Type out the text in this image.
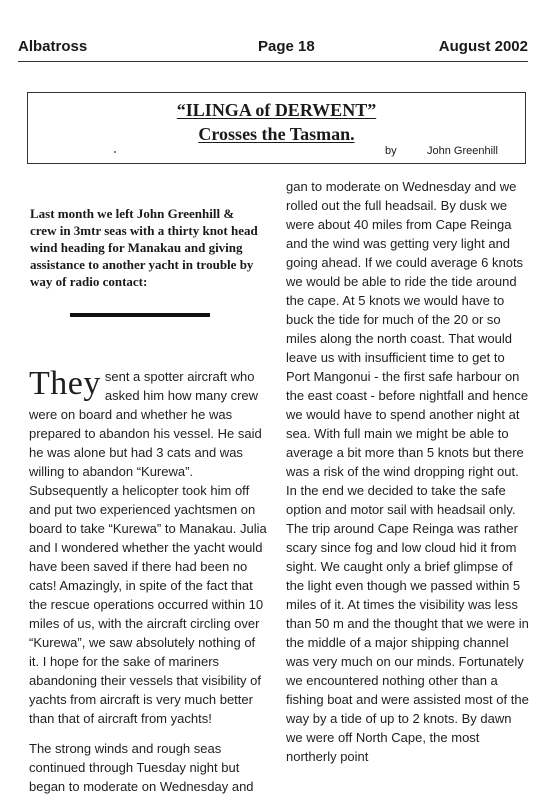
Albatross	Page 18	August 2002
“ILINGA of DERWENT”
Crosses the Tasman.
by	John Greenhill
Last month we left John Greenhill & crew in 3mtr seas with a thirty knot head wind heading for Manakau and giving assistance to another yacht in trouble by way of radio contact:

They sent a spotter aircraft who asked him how many crew were on board and whether he was prepared to abandon his vessel. He said he was alone but had 3 cats and was willing to abandon “Kurewa”. Subsequently a helicopter took him off and put two experienced yachtsmen on board to take “Kurewa” to Manakau. Julia and I wondered whether the yacht would have been saved if there had been no cats! Amazingly, in spite of the fact that the rescue operations occurred within 10 miles of us, with the aircraft circling over “Kurewa”, we saw absolutely nothing of it. I hope for the sake of mariners abandoning their vessels that visibility of yachts from aircraft is very much better than that of aircraft from yachts!

The strong winds and rough seas continued through Tuesday night but began to moderate on Wednesday and

gan to moderate on Wednesday and we rolled out the full headsail. By dusk we were about 40 miles from Cape Reinga and the wind was getting very light and going ahead. If we could average 6 knots we would be able to ride the tide around the cape. At 5 knots we would have to buck the tide for much of the 20 or so miles along the north coast. That would leave us with insufficient time to get to Port Mangonui - the first safe harbour on the east coast - before nightfall and hence we would have to spend another night at sea. With full main we might be able to average a bit more than 5 knots but there was a risk of the wind dropping right out. In the end we decided to take the safe option and motor sail with headsail only. The trip around Cape Reinga was rather scary since fog and low cloud hid it from sight. We caught only a brief glimpse of the light even though we passed within 5 miles of it. At times the visibility was less than 50 m and the thought that we were in the middle of a major shipping channel was very much on our minds. Fortunately we encountered nothing other than a fishing boat and were assisted most of the way by a tide of up to 2 knots. By dawn we were off North Cape, the most northerly point
